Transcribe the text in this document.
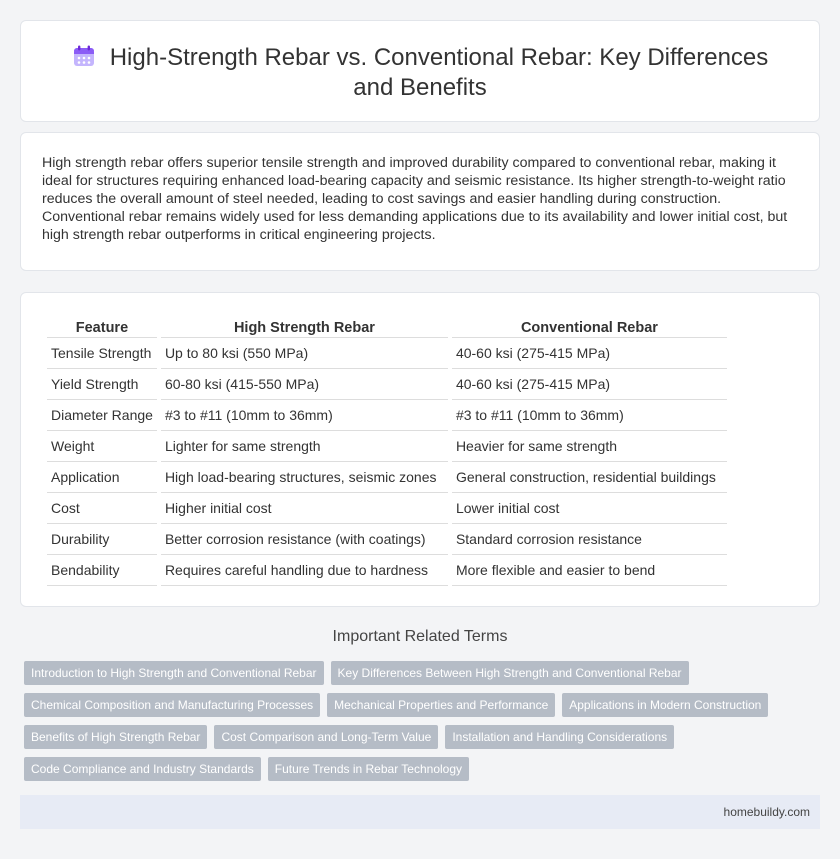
High-Strength Rebar vs. Conventional Rebar: Key Differences and Benefits

High strength rebar offers superior tensile strength and improved durability compared to conventional rebar, making it ideal for structures requiring enhanced load-bearing capacity and seismic resistance. Its higher strength-to-weight ratio reduces the overall amount of steel needed, leading to cost savings and easier handling during construction. Conventional rebar remains widely used for less demanding applications due to its availability and lower initial cost, but high strength rebar outperforms in critical engineering projects.

Feature	High Strength Rebar	Conventional Rebar
Tensile Strength	Up to 80 ksi (550 MPa)	40-60 ksi (275-415 MPa)
Yield Strength	60-80 ksi (415-550 MPa)	40-60 ksi (275-415 MPa)
Diameter Range	#3 to #11 (10mm to 36mm)	#3 to #11 (10mm to 36mm)
Weight	Lighter for same strength	Heavier for same strength
Application	High load-bearing structures, seismic zones	General construction, residential buildings
Cost	Higher initial cost	Lower initial cost
Durability	Better corrosion resistance (with coatings)	Standard corrosion resistance
Bendability	Requires careful handling due to hardness	More flexible and easier to bend
Important Related Terms
Introduction to High Strength and Conventional Rebar	Key Differences Between High Strength and Conventional Rebar
Chemical Composition and Manufacturing Processes	Mechanical Properties and Performance	Applications in Modern Construction
Benefits of High Strength Rebar	Cost Comparison and Long-Term Value	Installation and Handling Considerations
Code Compliance and Industry Standards	Future Trends in Rebar Technology
homebuildy.com
